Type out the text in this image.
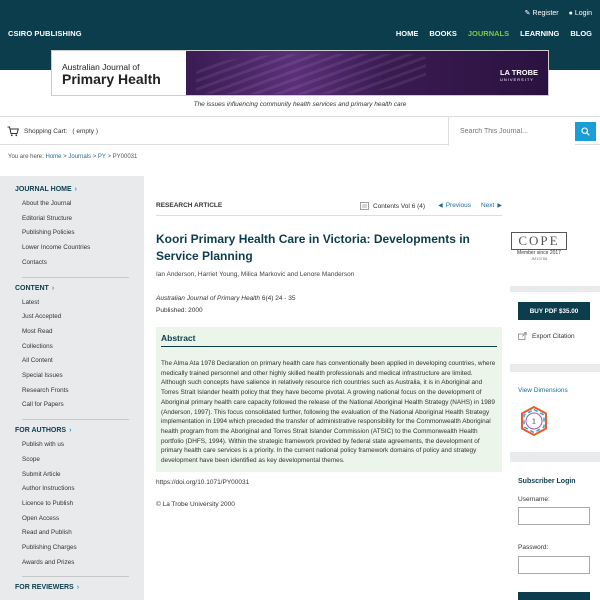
✎ Register ● Login
CSIRO PUBLISHING	HOME BOOKS JOURNALS LEARNING BLOG
Australian Journal of
Primary Health	LA TROBE
UNIVERSITY
The issues influencing community health services and primary health care
Shopping Cart: ( empty )
Search This Journal...
You are here: Home > Journals > PY > PY00031
JOURNAL HOME ›
About the Journal
Editorial Structure
Publishing Policies
Lower Income Countries
Contacts
CONTENT ›
Latest
Just Accepted
Most Read
Collections
All Content
Special Issues
Research Fronts
Call for Papers
FOR AUTHORS ›
Publish with us
Scope
Submit Article
Author Instructions
Licence to Publish
Open Access
Read and Publish
Publishing Charges
Awards and Prizes
FOR REVIEWERS ›
RESEARCH ARTICLE	◀ Previous Next ▶
Koori Primary Health Care in Victoria: Developments in Service Planning
Ian Anderson, Harriet Young, Milica Markovic and Lenore Manderson
Australian Journal of Primary Health 6(4) 24 - 35
Published: 2000
Abstract

The Alma Ata 1978 Declaration on primary health care has conventionally been applied in developing countries, where medically trained personnel and other highly skilled health professionals and medical infrastructure are limited. Although such concepts have salience in relatively resource rich countries such as Australia, it is in Aboriginal and Torres Strait Islander health policy that they have become pivotal. A growing national focus on the development of Aboriginal primary health care capacity followed the release of the National Aboriginal Health Strategy (NAHS) in 1989 (Anderson, 1997). This focus consolidated further, following the evaluation of the National Aboriginal Health Strategy implementation in 1994 which preceded the transfer of administrative responsibility for the Commonwealth Aboriginal health program from the Aboriginal and Torres Strait Islander Commission (ATSIC) to the Commonwealth Health portfolio (DHFS, 1994). Within the strategic framework provided by federal state agreements, the development of primary health care services is a priority. In the current national policy framework domains of policy and strategy development have been identified as key developmental themes.

https://doi.org/10.1071/PY00031
© La Trobe University 2000
Contents Vol 6 (4)
COPE
Member since 2017
JM13768
BUY PDF $35.00
Export Citation
View Dimensions
1
Subscriber Login
Username:
Password:
